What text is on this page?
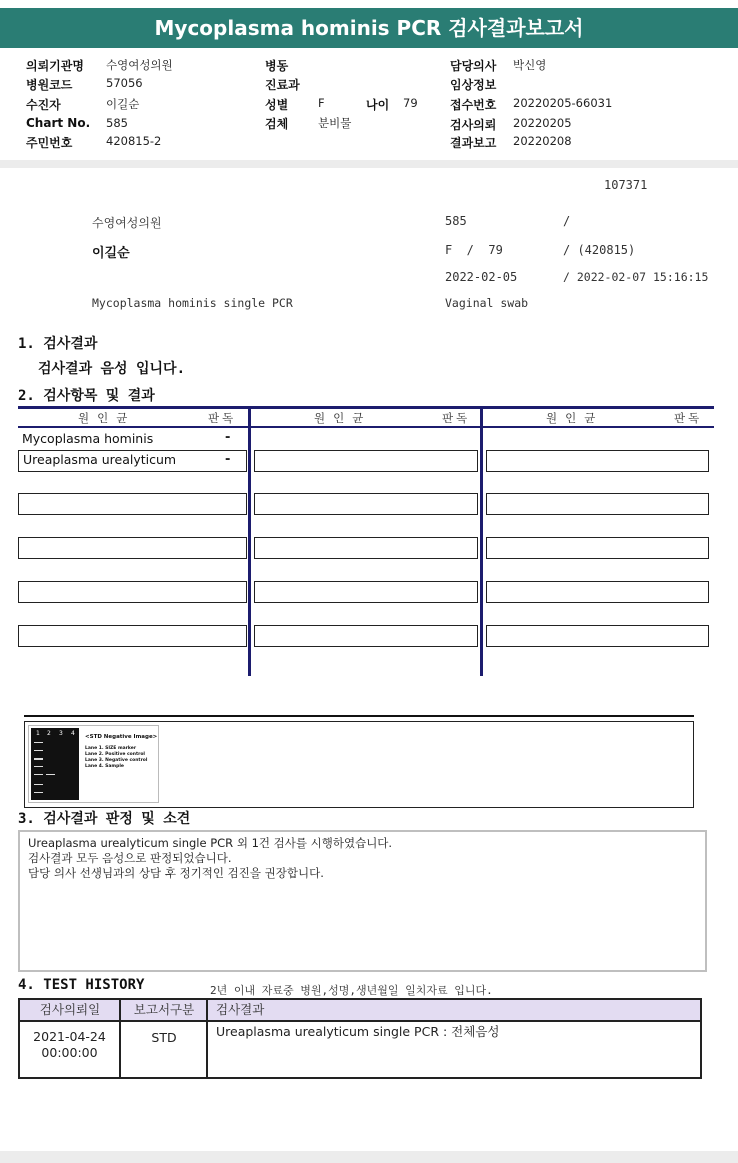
Mycoplasma hominis PCR 검사결과보고서
의뢰기관명 수영여성의원
병원코드	57056
수진자	이길순
Chart No. 585
주민번호	420815-2
병동
진료과
성별	F	나이 79
검체	분비물
담당의사 박신영
임상정보
접수번호 20220205-66031
검사의뢰 20220205
결과보고 20220208
107371
수영여성의원	585	/
이길순	F  /  79	/ (420815)
2022-02-05	/ 2022-02-07 15:16:15
Mycoplasma hominis single PCR	Vaginal swab
1. 검사결과
검사결과 음성 입니다.
2. 검사항목 및 결과
원인균	판독	원인균	판독	원인균	판독
Mycoplasma hominis	-
Ureaplasma urealyticum	-
1 2 3 4 <STD Negative Image>
Lane 1. SIZE marker
Lane 2. Positive control
Lane 3. Negative control
Lane 4. Sample
3. 검사결과 판정 및 소견
Ureaplasma urealyticum single PCR 외 1건 검사를 시행하였습니다.
검사결과 모두 음성으로 판정되었습니다.
담당 의사 선생님과의 상담 후 정기적인 검진을 권장합니다.
4. TEST HISTORY	2년 이내 자료중 병원,성명,생년월일 일치자료 입니다.
검사의뢰일	보고서구분	검사결과
2021-04-24
00:00:00
STD	Ureaplasma urealyticum single PCR : 전체음성
